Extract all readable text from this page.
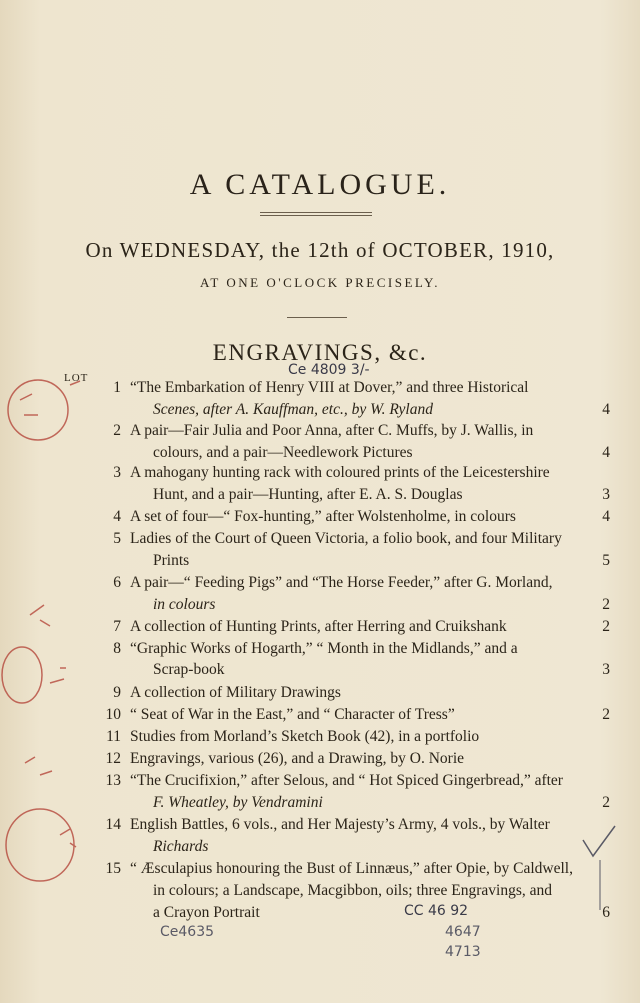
A CATALOGUE.
On WEDNESDAY, the 12th of OCTOBER, 1910,
AT ONE O'CLOCK PRECISELY.
ENGRAVINGS, &c.
LOT
1 “The Embarkation of Henry VIII at Dover,” and three Historical
Scenes, after A. Kauffman, etc., by W. Ryland	4
2 A pair—Fair Julia and Poor Anna, after C. Muffs, by J. Wallis, in
colours, and a pair—Needlework Pictures	4
3 A mahogany hunting rack with coloured prints of the Leicestershire
Hunt, and a pair—Hunting, after E. A. S. Douglas	3
4 A set of four—“ Fox-hunting,” after Wolstenholme, in colours	4
5 Ladies of the Court of Queen Victoria, a folio book, and four Military
Prints	5
6 A pair—“ Feeding Pigs” and “The Horse Feeder,” after G. Morland,
in colours	2
7 A collection of Hunting Prints, after Herring and Cruikshank	2
8 “Graphic Works of Hogarth,” “ Month in the Midlands,” and a
Scrap-book	3
9 A collection of Military Drawings
10 “ Seat of War in the East,” and “ Character of Tress”	2
11 Studies from Morland’s Sketch Book (42), in a portfolio
12 Engravings, various (26), and a Drawing, by O. Norie
13 “The Crucifixion,” after Selous, and “ Hot Spiced Gingerbread,” after
F. Wheatley, by Vendramini	2
14 English Battles, 6 vols., and Her Majesty’s Army, 4 vols., by Walter
Richards
15 “ Æsculapius honouring the Bust of Linnæus,” after Opie, by Caldwell,
in colours; a Landscape, Macgibbon, oils; three Engravings, and
a Crayon Portrait	6
Ce 4809 3/-
CC 46 92
Ce4635	4647
4713
